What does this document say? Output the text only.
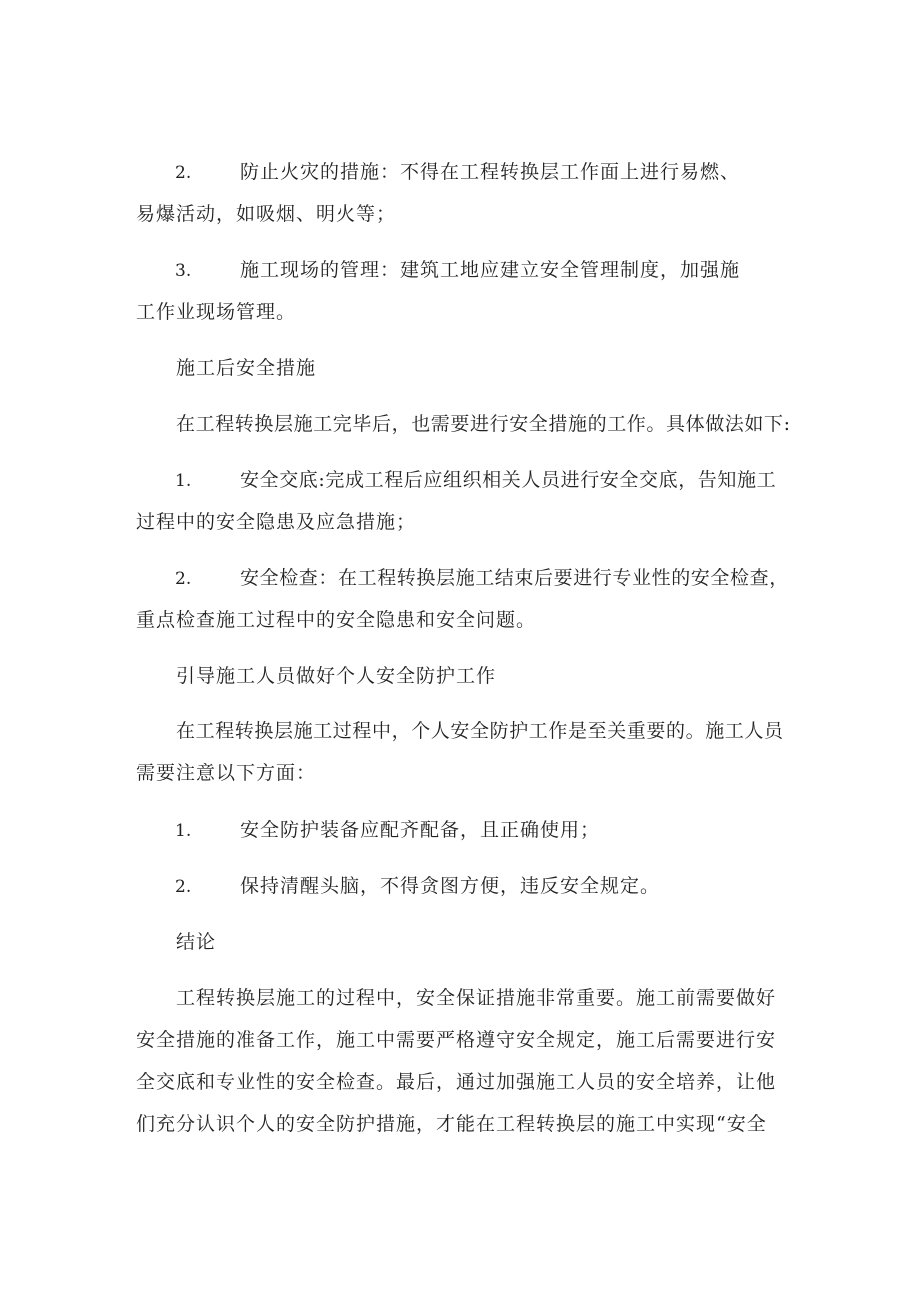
2.	防止火灾的措施：不得在工程转换层工作面上进行易燃、
易爆活动，如吸烟、明火等；
3.	施工现场的管理：建筑工地应建立安全管理制度，加强施
工作业现场管理。
施工后安全措施
在工程转换层施工完毕后，也需要进行安全措施的工作。具体做法如下:
1.	安全交底:完成工程后应组织相关人员进行安全交底，告知施工
过程中的安全隐患及应急措施；
2.	安全检查：在工程转换层施工结束后要进行专业性的安全检查，
重点检查施工过程中的安全隐患和安全问题。
引导施工人员做好个人安全防护工作
在工程转换层施工过程中，个人安全防护工作是至关重要的。施工人员
需要注意以下方面：
1.	安全防护装备应配齐配备，且正确使用；
2.	保持清醒头脑，不得贪图方便，违反安全规定。
结论
工程转换层施工的过程中，安全保证措施非常重要。施工前需要做好
安全措施的准备工作，施工中需要严格遵守安全规定，施工后需要进行安
全交底和专业性的安全检查。最后，通过加强施工人员的安全培养，让他
们充分认识个人的安全防护措施，才能在工程转换层的施工中实现“安全
